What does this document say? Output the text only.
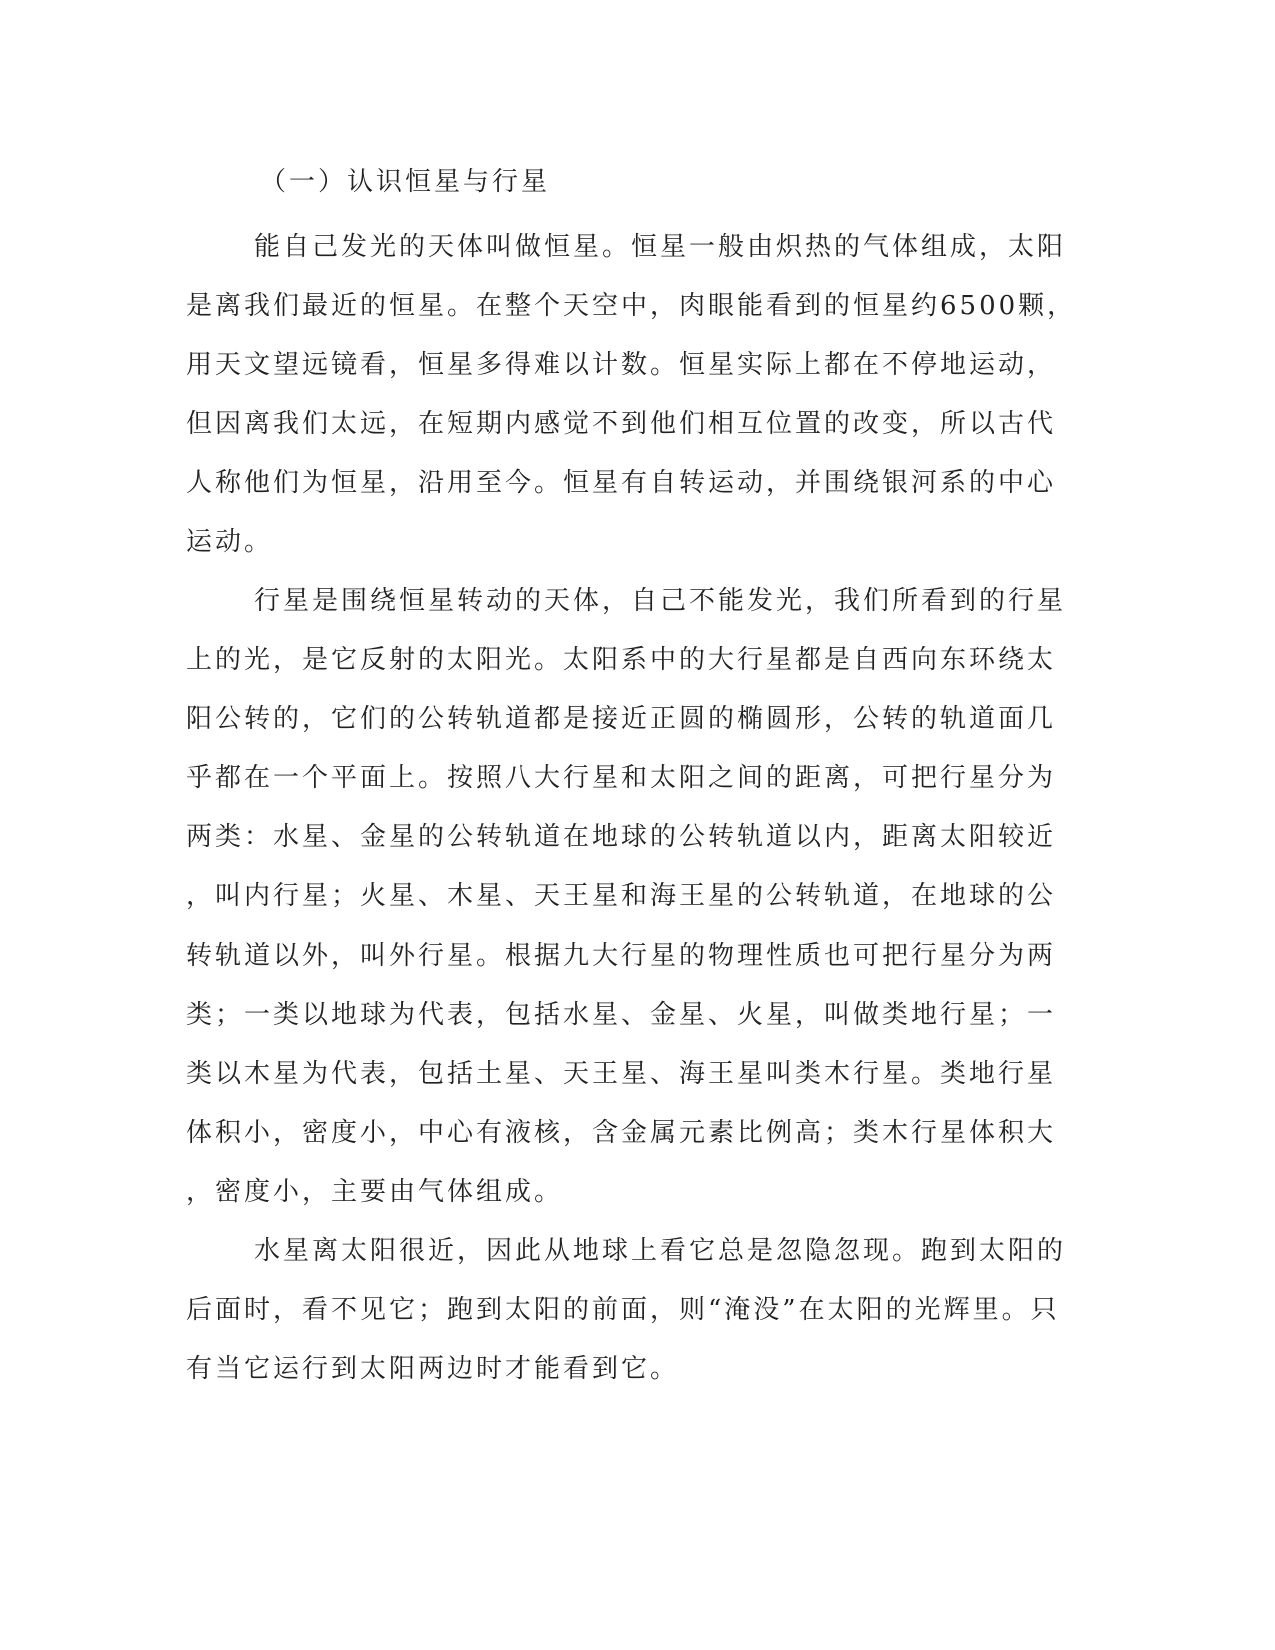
（一）认识恒星与行星
能自己发光的天体叫做恒星。恒星一般由炽热的气体组成，太阳
是离我们最近的恒星。在整个天空中，肉眼能看到的恒星约6500颗，
用天文望远镜看，恒星多得难以计数。恒星实际上都在不停地运动，
但因离我们太远，在短期内感觉不到他们相互位置的改变，所以古代
人称他们为恒星，沿用至今。恒星有自转运动，并围绕银河系的中心
运动。
行星是围绕恒星转动的天体，自己不能发光，我们所看到的行星
上的光，是它反射的太阳光。太阳系中的大行星都是自西向东环绕太
阳公转的，它们的公转轨道都是接近正圆的椭圆形，公转的轨道面几
乎都在一个平面上。按照八大行星和太阳之间的距离，可把行星分为
两类：水星、金星的公转轨道在地球的公转轨道以内，距离太阳较近
，叫内行星；火星、木星、天王星和海王星的公转轨道，在地球的公
转轨道以外，叫外行星。根据九大行星的物理性质也可把行星分为两
类；一类以地球为代表，包括水星、金星、火星，叫做类地行星；一
类以木星为代表，包括土星、天王星、海王星叫类木行星。类地行星
体积小，密度小，中心有液核，含金属元素比例高；类木行星体积大
，密度小，主要由气体组成。
水星离太阳很近，因此从地球上看它总是忽隐忽现。跑到太阳的
后面时，看不见它；跑到太阳的前面，则“淹没”在太阳的光辉里。只
有当它运行到太阳两边时才能看到它。
